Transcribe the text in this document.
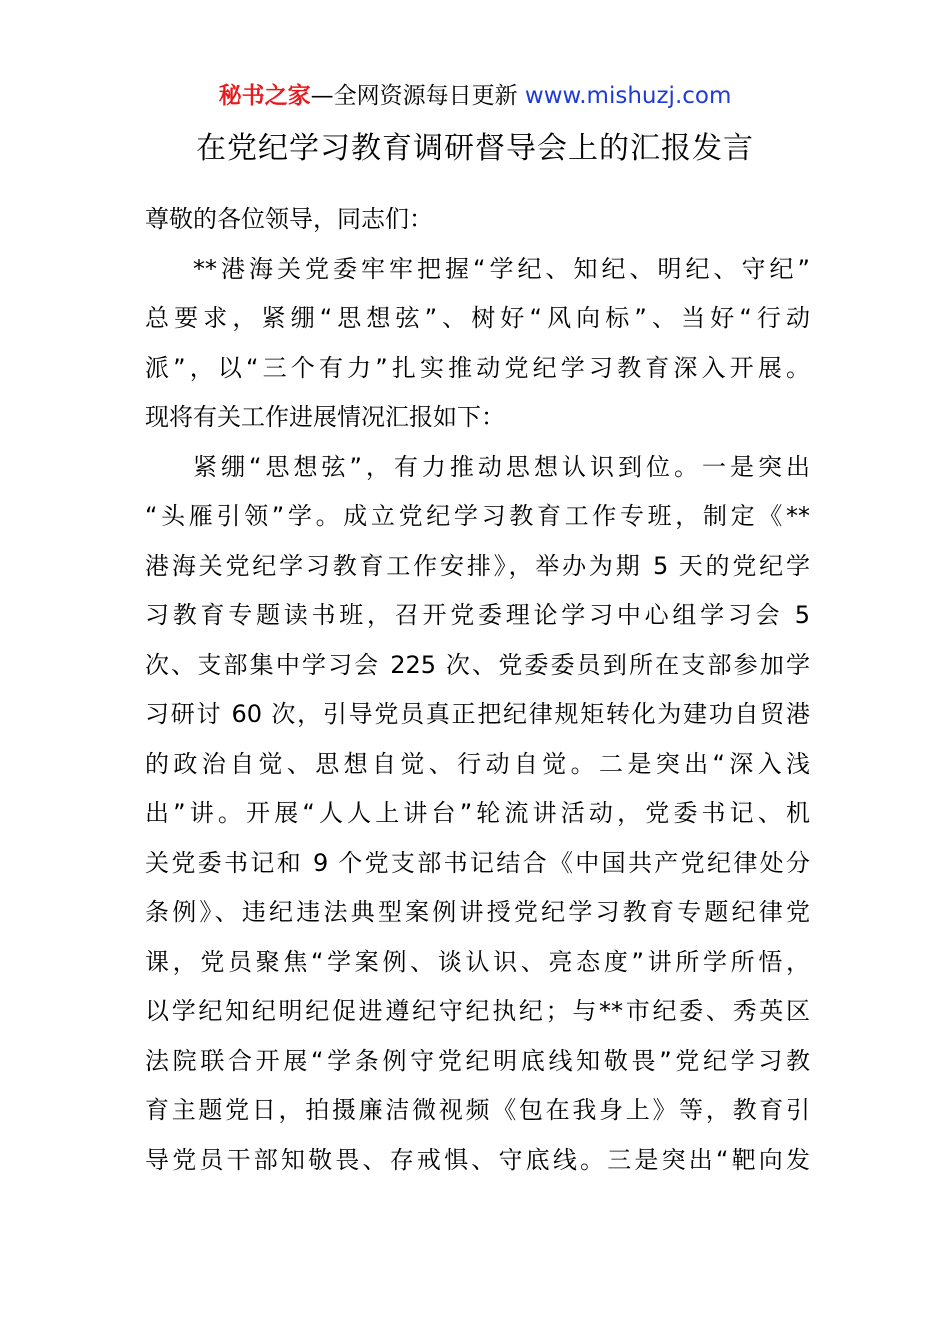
秘书之家—全网资源每日更新 www.mishuzj.com
在党纪学习教育调研督导会上的汇报发言
尊敬的各位领导，同志们：
**港海关党委牢牢把握“学纪、知纪、明纪、守纪”
总要求，紧绷“思想弦”、树好“风向标”、当好“行动
派”，以“三个有力”扎实推动党纪学习教育深入开展。
现将有关工作进展情况汇报如下：
紧绷“思想弦”，有力推动思想认识到位。一是突出
“头雁引领”学。成立党纪学习教育工作专班，制定《**
港海关党纪学习教育工作安排》，举办为期 5 天的党纪学
习教育专题读书班，召开党委理论学习中心组学习会 5
次、支部集中学习会 225 次、党委委员到所在支部参加学
习研讨 60 次，引导党员真正把纪律规矩转化为建功自贸港
的政治自觉、思想自觉、行动自觉。二是突出“深入浅
出”讲。开展“人人上讲台”轮流讲活动，党委书记、机
关党委书记和 9 个党支部书记结合《中国共产党纪律处分
条例》、违纪违法典型案例讲授党纪学习教育专题纪律党
课，党员聚焦“学案例、谈认识、亮态度”讲所学所悟，
以学纪知纪明纪促进遵纪守纪执纪；与**市纪委、秀英区
法院联合开展“学条例守党纪明底线知敬畏”党纪学习教
育主题党日，拍摄廉洁微视频《包在我身上》等，教育引
导党员干部知敬畏、存戒惧、守底线。三是突出“靶向发
